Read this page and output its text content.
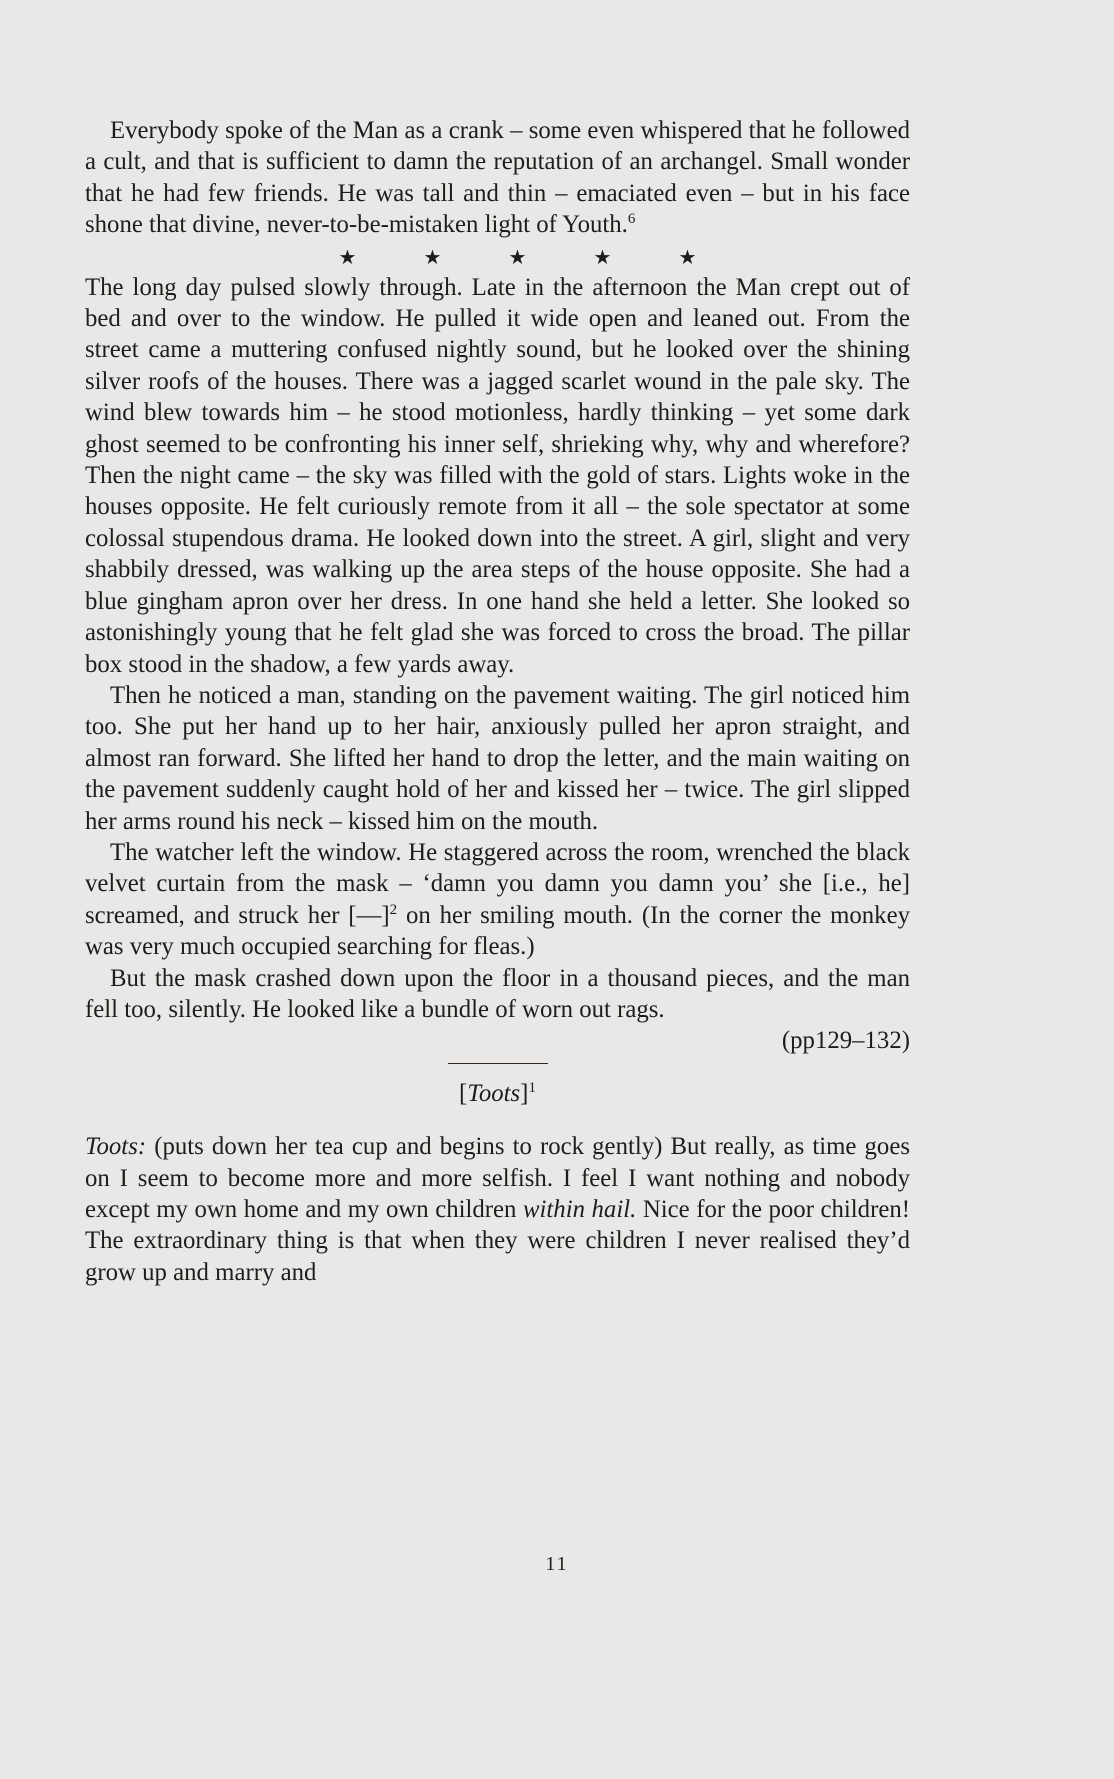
Everybody spoke of the Man as a crank – some even whispered that he followed a cult, and that is sufficient to damn the reputation of an archangel. Small wonder that he had few friends. He was tall and thin – emaciated even – but in his face shone that divine, never-to-be-mistaken light of Youth.$^6$

★	★	★	★	★

The long day pulsed slowly through. Late in the afternoon the Man crept out of bed and over to the window. He pulled it wide open and leaned out. From the street came a muttering confused nightly sound, but he looked over the shining silver roofs of the houses. There was a jagged scarlet wound in the pale sky. The wind blew towards him – he stood motionless, hardly thinking – yet some dark ghost seemed to be confronting his inner self, shrieking why, why and wherefore? Then the night came – the sky was filled with the gold of stars. Lights woke in the houses opposite. He felt curiously remote from it all – the sole spectator at some colossal stupendous drama. He looked down into the street. A girl, slight and very shabbily dressed, was walking up the area steps of the house opposite. She had a blue gingham apron over her dress. In one hand she held a letter. She looked so astonishingly young that he felt glad she was forced to cross the broad. The pillar box stood in the shadow, a few yards away.

Then he noticed a man, standing on the pavement waiting. The girl noticed him too. She put her hand up to her hair, anxiously pulled her apron straight, and almost ran forward. She lifted her hand to drop the letter, and the main waiting on the pavement suddenly caught hold of her and kissed her – twice. The girl slipped her arms round his neck – kissed him on the mouth.

The watcher left the window. He staggered across the room, wrenched the black velvet curtain from the mask – ‘damn you damn you damn you’ she [i.e., he] screamed, and struck her [—]$^2$ on her smiling mouth. (In the corner the monkey was very much occupied searching for fleas.)

But the mask crashed down upon the floor in a thousand pieces, and the man fell too, silently. He looked like a bundle of worn out rags.

(pp129–132)

[Toots]$^1$

Toots: (puts down her tea cup and begins to rock gently) But really, as time goes on I seem to become more and more selfish. I feel I want nothing and nobody except my own home and my own children within hail. Nice for the poor children! The extraordinary thing is that when they were children I never realised they’d grow up and marry and

11
